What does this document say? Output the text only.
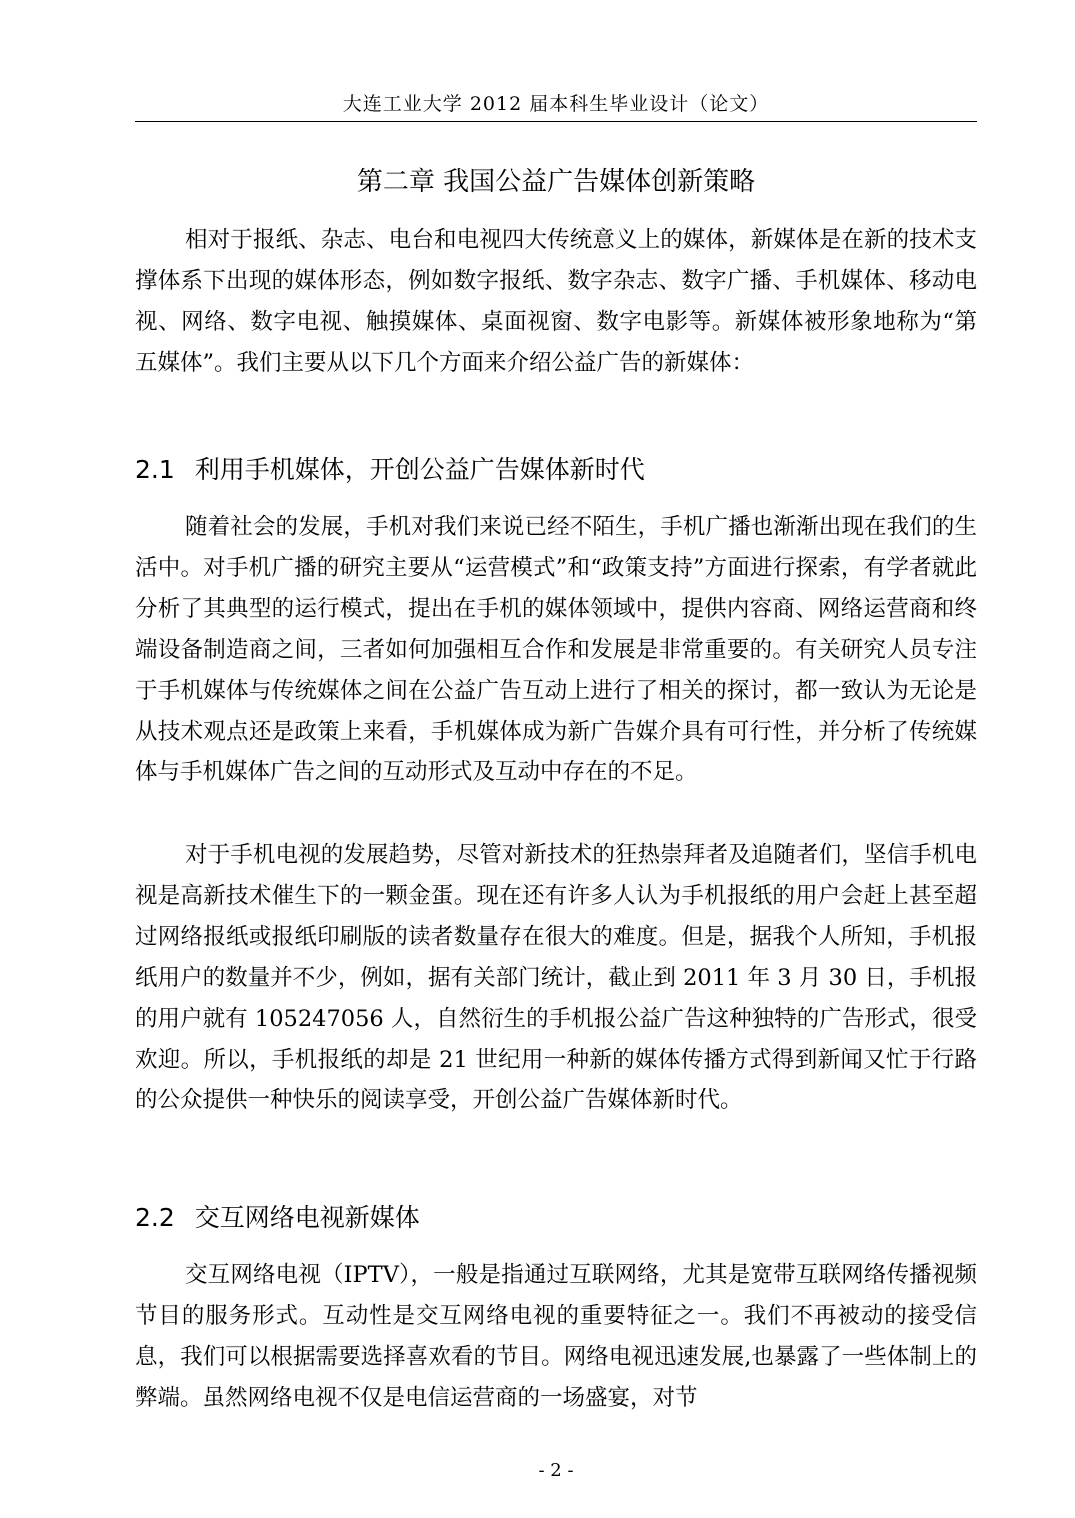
大连工业大学 2012 届本科生毕业设计（论文）
第二章 我国公益广告媒体创新策略

相对于报纸、杂志、电台和电视四大传统意义上的媒体，新媒体是在新的技术支撑体系下出现的媒体形态，例如数字报纸、数字杂志、数字广播、手机媒体、移动电视、网络、数字电视、触摸媒体、桌面视窗、数字电影等。新媒体被形象地称为“第五媒体”。我们主要从以下几个方面来介绍公益广告的新媒体：

2.1 利用手机媒体，开创公益广告媒体新时代

随着社会的发展，手机对我们来说已经不陌生，手机广播也渐渐出现在我们的生活中。对手机广播的研究主要从“运营模式”和“政策支持”方面进行探索，有学者就此分析了其典型的运行模式，提出在手机的媒体领域中，提供内容商、网络运营商和终端设备制造商之间，三者如何加强相互合作和发展是非常重要的。有关研究人员专注于手机媒体与传统媒体之间在公益广告互动上进行了相关的探讨，都一致认为无论是从技术观点还是政策上来看，手机媒体成为新广告媒介具有可行性，并分析了传统媒体与手机媒体广告之间的互动形式及互动中存在的不足。

对于手机电视的发展趋势，尽管对新技术的狂热崇拜者及追随者们，坚信手机电视是高新技术催生下的一颗金蛋。现在还有许多人认为手机报纸的用户会赶上甚至超过网络报纸或报纸印刷版的读者数量存在很大的难度。但是，据我个人所知，手机报纸用户的数量并不少，例如，据有关部门统计，截止到 2011 年 3 月 30 日，手机报的用户就有 105247056 人，自然衍生的手机报公益广告这种独特的广告形式，很受欢迎。所以，手机报纸的却是 21 世纪用一种新的媒体传播方式得到新闻又忙于行路的公众提供一种快乐的阅读享受，开创公益广告媒体新时代。

2.2 交互网络电视新媒体

交互网络电视（IPTV），一般是指通过互联网络，尤其是宽带互联网络传播视频节目的服务形式。互动性是交互网络电视的重要特征之一。我们不再被动的接受信息，我们可以根据需要选择喜欢看的节目。网络电视迅速发展,也暴露了一些体制上的弊端。虽然网络电视不仅是电信运营商的一场盛宴，对节

- 2 -
